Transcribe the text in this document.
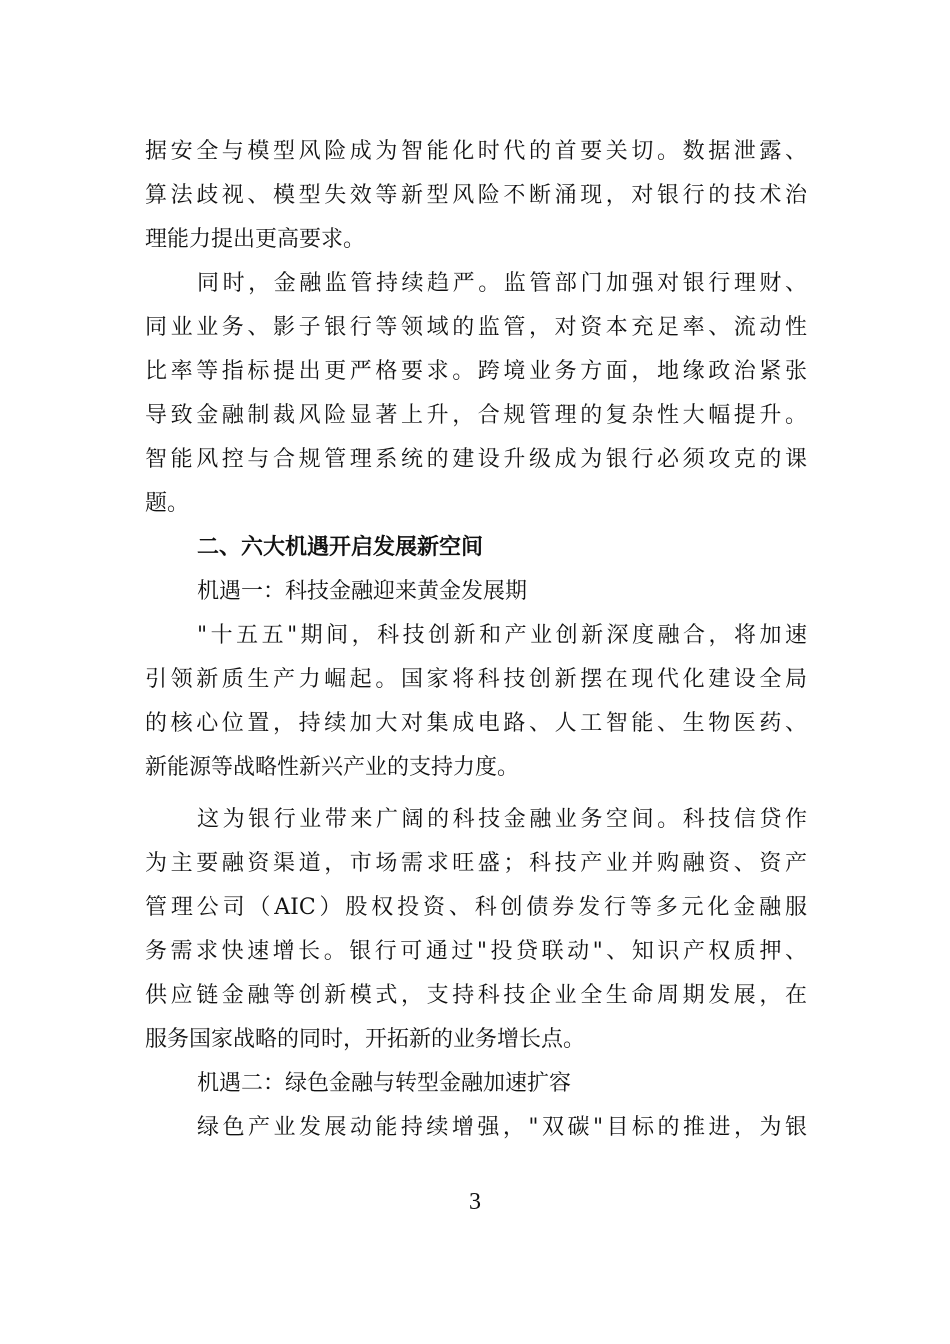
据安全与模型风险成为智能化时代的首要关切。数据泄露、
算法歧视、模型失效等新型风险不断涌现，对银行的技术治
理能力提出更高要求。
同时，金融监管持续趋严。监管部门加强对银行理财、
同业业务、影子银行等领域的监管，对资本充足率、流动性
比率等指标提出更严格要求。跨境业务方面，地缘政治紧张
导致金融制裁风险显著上升，合规管理的复杂性大幅提升。
智能风控与合规管理系统的建设升级成为银行必须攻克的课
题。
二、六大机遇开启发展新空间
机遇一：科技金融迎来黄金发展期
"十五五"期间，科技创新和产业创新深度融合，将加速
引领新质生产力崛起。国家将科技创新摆在现代化建设全局
的核心位置，持续加大对集成电路、人工智能、生物医药、
新能源等战略性新兴产业的支持力度。
这为银行业带来广阔的科技金融业务空间。科技信贷作
为主要融资渠道，市场需求旺盛；科技产业并购融资、资产
管理公司（AIC）股权投资、科创债券发行等多元化金融服
务需求快速增长。银行可通过"投贷联动"、知识产权质押、
供应链金融等创新模式，支持科技企业全生命周期发展，在
服务国家战略的同时，开拓新的业务增长点。
机遇二：绿色金融与转型金融加速扩容
绿色产业发展动能持续增强，"双碳"目标的推进，为银
3
